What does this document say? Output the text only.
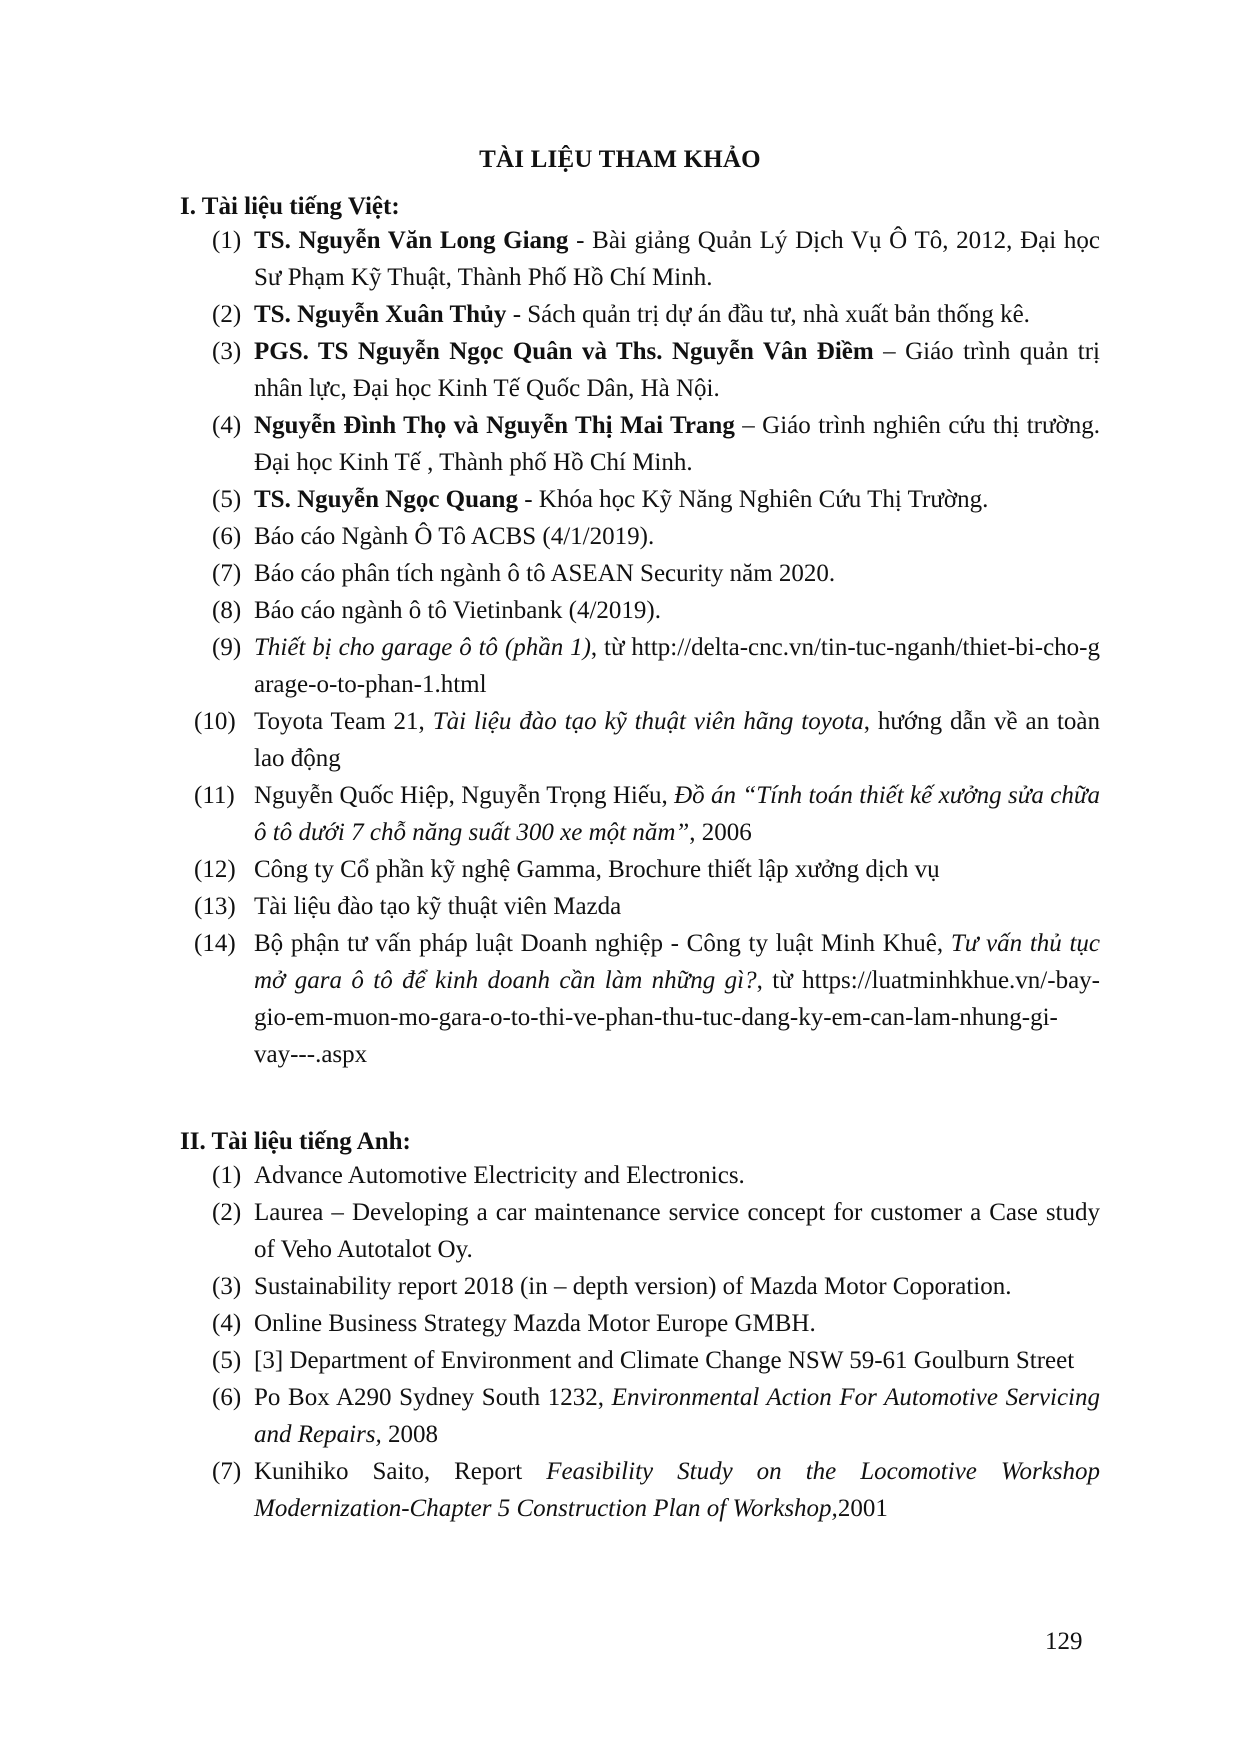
TÀI LIỆU THAM KHẢO
I. Tài liệu tiếng Việt:
(1) TS. Nguyễn Văn Long Giang - Bài giảng Quản Lý Dịch Vụ Ô Tô, 2012, Đại học Sư Phạm Kỹ Thuật, Thành Phố Hồ Chí Minh.
(2) TS. Nguyễn Xuân Thủy - Sách quản trị dự án đầu tư, nhà xuất bản thống kê.
(3) PGS. TS Nguyễn Ngọc Quân và Ths. Nguyễn Vân Điềm – Giáo trình quản trị nhân lực, Đại học Kinh Tế Quốc Dân, Hà Nội.
(4) Nguyễn Đình Thọ và Nguyễn Thị Mai Trang – Giáo trình nghiên cứu thị trường. Đại học Kinh Tế , Thành phố Hồ Chí Minh.
(5) TS. Nguyễn Ngọc Quang - Khóa học Kỹ Năng Nghiên Cứu Thị Trường.
(6) Báo cáo Ngành Ô Tô ACBS (4/1/2019).
(7) Báo cáo phân tích ngành ô tô ASEAN Security năm 2020.
(8) Báo cáo ngành ô tô Vietinbank (4/2019).
(9) Thiết bị cho garage ô tô (phần 1), từ http://delta-cnc.vn/tin-tuc-nganh/thiet-bi-cho-garage-o-to-phan-1.html
(10) Toyota Team 21, Tài liệu đào tạo kỹ thuật viên hãng toyota, hướng dẫn về an toàn lao động
(11) Nguyễn Quốc Hiệp, Nguyễn Trọng Hiếu, Đồ án “Tính toán thiết kế xưởng sửa chữa ô tô dưới 7 chỗ năng suất 300 xe một năm”, 2006
(12) Công ty Cổ phần kỹ nghệ Gamma, Brochure thiết lập xưởng dịch vụ
(13) Tài liệu đào tạo kỹ thuật viên Mazda
(14) Bộ phận tư vấn pháp luật Doanh nghiệp - Công ty luật Minh Khuê, Tư vấn thủ tục mở gara ô tô để kinh doanh cần làm những gì?, từ https://luatminhkhue.vn/-bay-gio-em-muon-mo-gara-o-to-thi-ve-phan-thu-tuc-dang-ky-em-can-lam-nhung-gi-vay---.aspx
II. Tài liệu tiếng Anh:
(1) Advance Automotive Electricity and Electronics.
(2) Laurea – Developing a car maintenance service concept for customer a Case study of Veho Autotalot Oy.
(3) Sustainability report 2018 (in – depth version) of Mazda Motor Coporation.
(4) Online Business Strategy Mazda Motor Europe GMBH.
(5) [3] Department of Environment and Climate Change NSW 59-61 Goulburn Street
(6) Po Box A290 Sydney South 1232, Environmental Action For Automotive Servicing and Repairs, 2008
(7) Kunihiko Saito, Report Feasibility Study on the Locomotive Workshop Modernization-Chapter 5 Construction Plan of Workshop,2001
129
